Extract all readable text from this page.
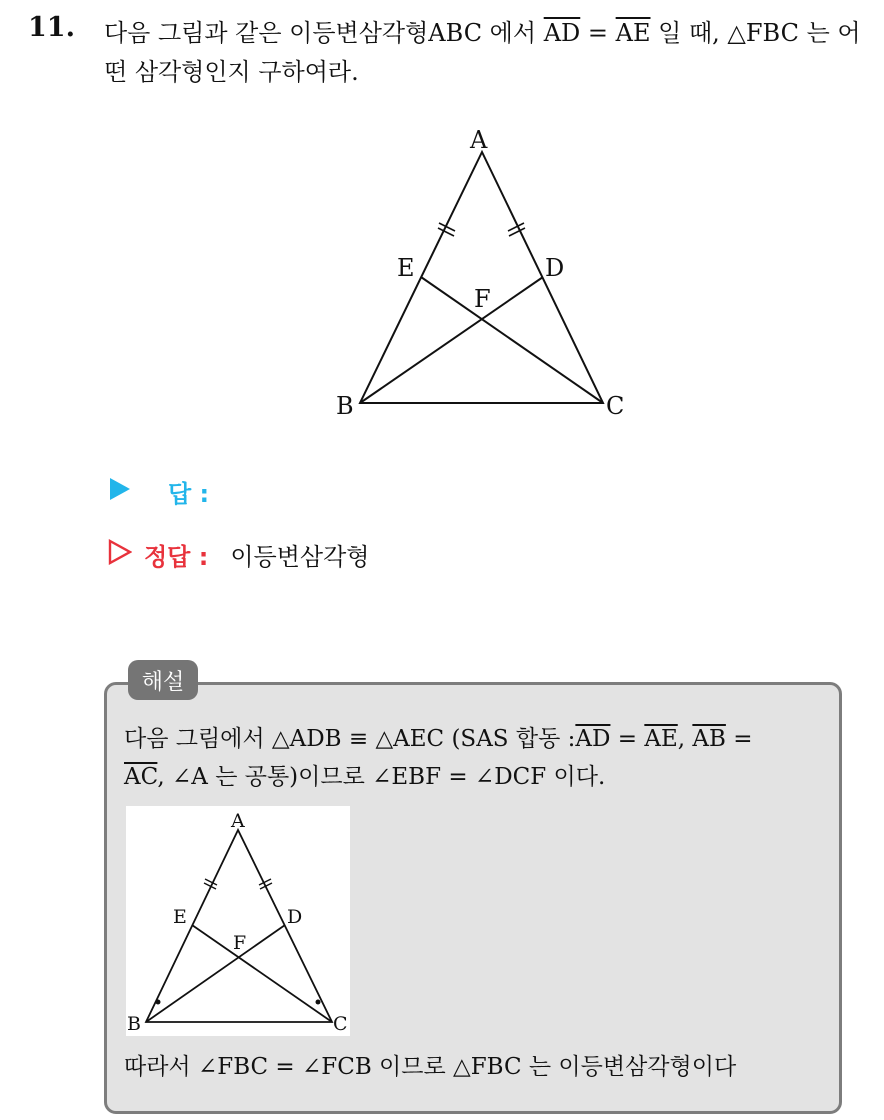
11. 다음 그림과 같은 이등변삼각형ABC 에서 $\overline{AD} = \overline{AE}$ 일 때, △FBC 는 어떤 삼각형인지 구하여라.
A
B	C
D
E
F
답 :
정답 : 이등변삼각형
해설
다음 그림에서 △ADB ≡ △AEC (SAS 합동 $:\overline{AD} = \overline{AE}$, $\overline{AB}$ =
$\overline{AC}$, ∠A 는 공통)이므로 ∠EBF = ∠DCF 이다.
A
B	C
D
E
F
따라서 ∠FBC = ∠FCB 이므로 △FBC 는 이등변삼각형이다
